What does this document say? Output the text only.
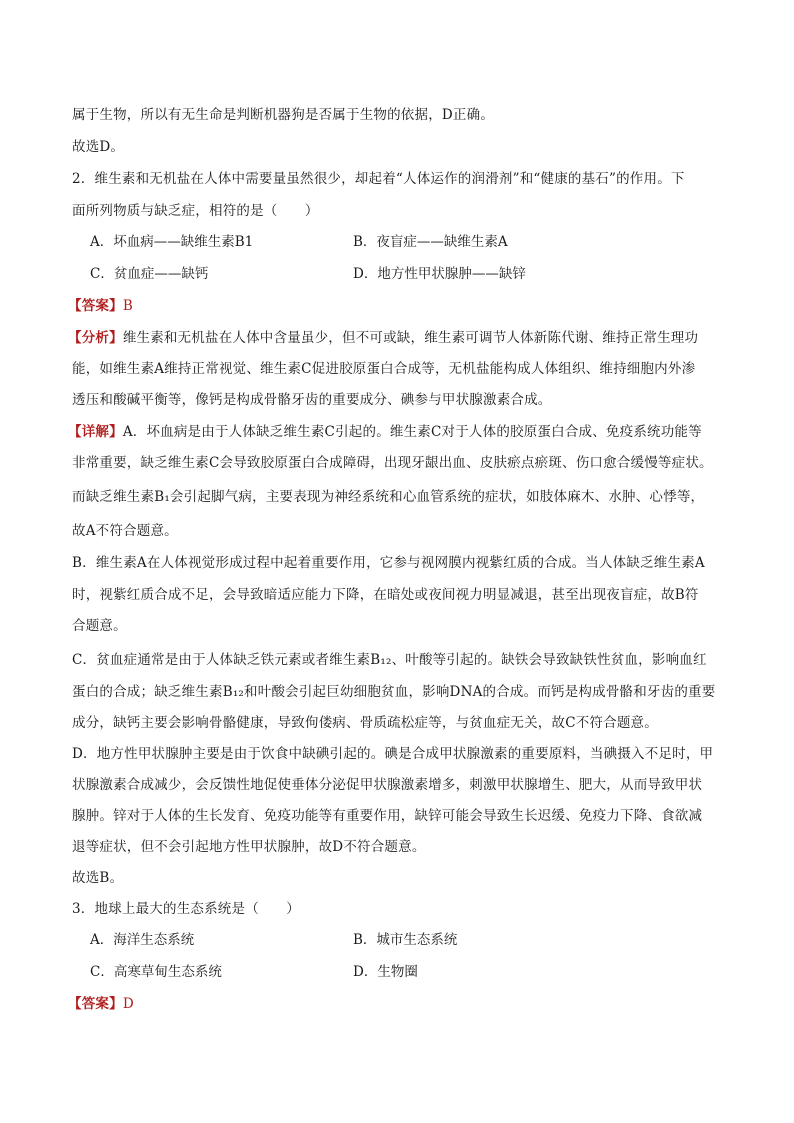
属于生物，所以有无生命是判断机器狗是否属于生物的依据，D正确。
故选D。
2．维生素和无机盐在人体中需要量虽然很少，却起着“人体运作的润滑剂”和“健康的基石”的作用。下
面所列物质与缺乏症，相符的是（　　）
A．坏血病——缺维生素B1	B．夜盲症——缺维生素A
C．贫血症——缺钙	D．地方性甲状腺肿——缺锌
【答案】B
【分析】维生素和无机盐在人体中含量虽少，但不可或缺，维生素可调节人体新陈代谢、维持正常生理功
能，如维生素A维持正常视觉、维生素C促进胶原蛋白合成等，无机盐能构成人体组织、维持细胞内外渗
透压和酸碱平衡等，像钙是构成骨骼牙齿的重要成分、碘参与甲状腺激素合成。
【详解】A．坏血病是由于人体缺乏维生素C引起的。维生素C对于人体的胶原蛋白合成、免疫系统功能等
非常重要，缺乏维生素C会导致胶原蛋白合成障碍，出现牙龈出血、皮肤瘀点瘀斑、伤口愈合缓慢等症状。
而缺乏维生素B₁会引起脚气病，主要表现为神经系统和心血管系统的症状，如肢体麻木、水肿、心悸等，
故A不符合题意。
B．维生素A在人体视觉形成过程中起着重要作用，它参与视网膜内视紫红质的合成。当人体缺乏维生素A
时，视紫红质合成不足，会导致暗适应能力下降，在暗处或夜间视力明显减退，甚至出现夜盲症，故B符
合题意。
C．贫血症通常是由于人体缺乏铁元素或者维生素B₁₂、叶酸等引起的。缺铁会导致缺铁性贫血，影响血红
蛋白的合成；缺乏维生素B₁₂和叶酸会引起巨幼细胞贫血，影响DNA的合成。而钙是构成骨骼和牙齿的重要
成分，缺钙主要会影响骨骼健康，导致佝偻病、骨质疏松症等，与贫血症无关，故C不符合题意。
D．地方性甲状腺肿主要是由于饮食中缺碘引起的。碘是合成甲状腺激素的重要原料，当碘摄入不足时，甲
状腺激素合成减少，会反馈性地促使垂体分泌促甲状腺激素增多，刺激甲状腺增生、肥大，从而导致甲状
腺肿。锌对于人体的生长发育、免疫功能等有重要作用，缺锌可能会导致生长迟缓、免疫力下降、食欲减
退等症状，但不会引起地方性甲状腺肿，故D不符合题意。
故选B。
3．地球上最大的生态系统是（　　）
A．海洋生态系统	B．城市生态系统
C．高寒草甸生态系统	D．生物圈
【答案】D
